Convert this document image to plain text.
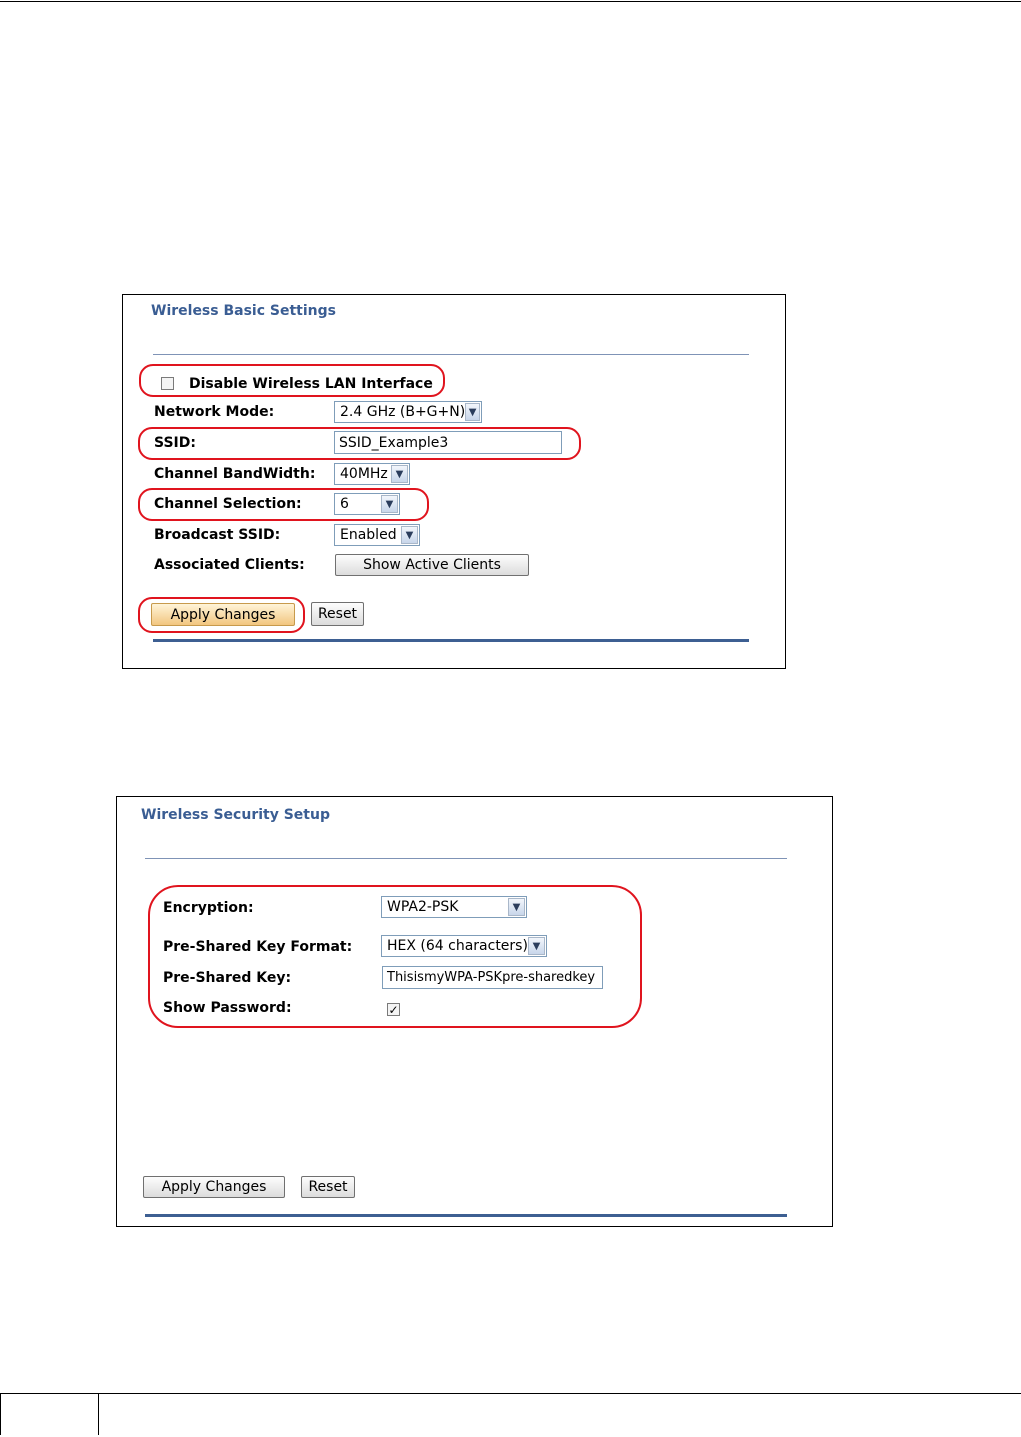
Wireless Basic Settings
Disable Wireless LAN Interface
Network Mode:	2.4 GHz (B+G+N) ▼
SSID:	SSID_Example3
Channel BandWidth: 40MHz ▼
Channel Selection:	6	▼
Broadcast SSID:	Enabled ▼
Associated Clients:	Show Active Clients
Apply Changes	Reset
Wireless Security Setup
Encryption:	WPA2-PSK	▼
Pre-Shared Key Format: HEX (64 characters) ▼
Pre-Shared Key:	ThisismyWPA-PSKpre-sharedkey
Show Password:	✓
Apply Changes	Reset
